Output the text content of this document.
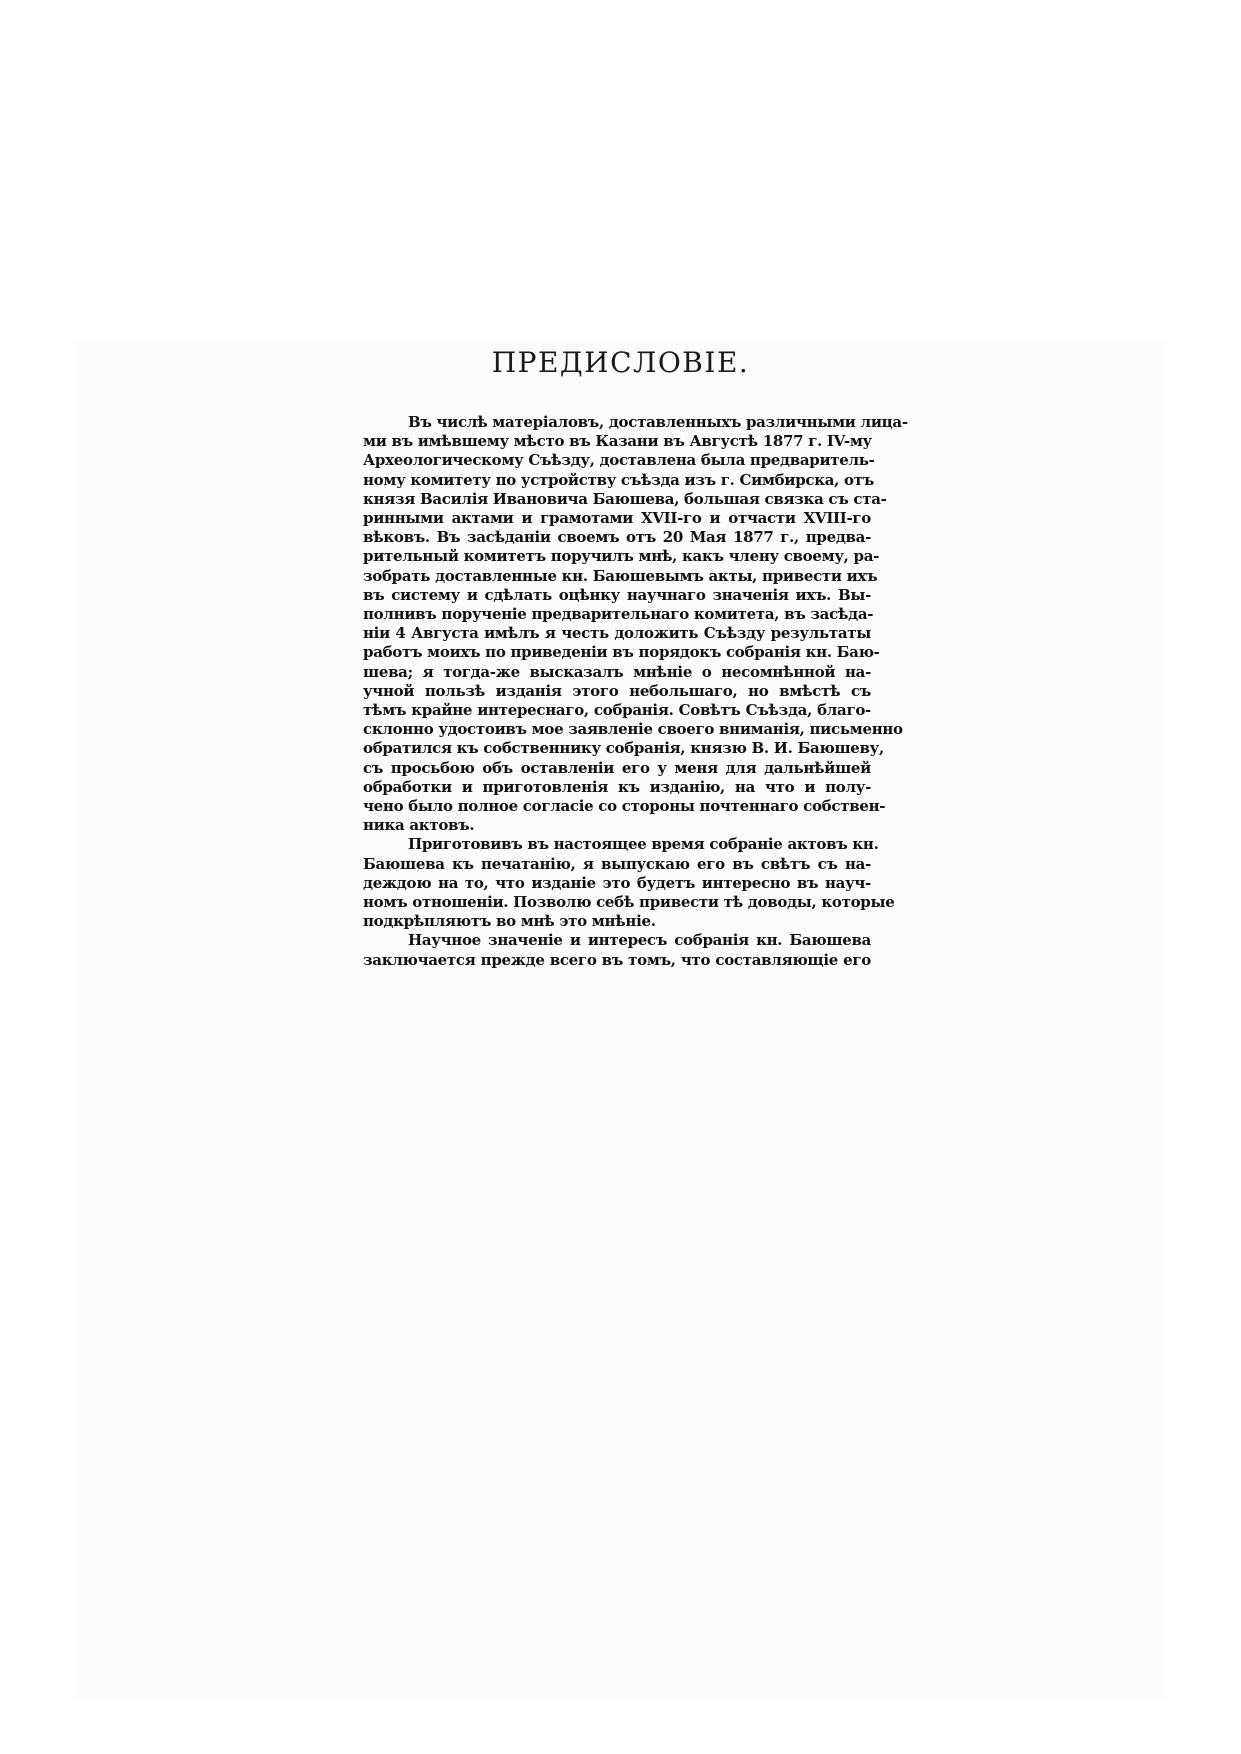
ПРЕДИСЛОВІЕ.
Въ числѣ матеріаловъ, доставленныхъ различными лица-
ми въ имѣвшему мѣсто въ Казани въ Августѣ 1877 г. IV-му
Археологическому Съѣзду, доставлена была предваритель-
ному комитету по устройству съѣзда изъ г. Симбирска, отъ
князя Василія Ивановича Баюшева, большая связка съ ста-
ринными актами и грамотами XVII-го и отчасти XVIII-го
вѣковъ. Въ засѣданіи своемъ отъ 20 Мая 1877 г., предва-
рительный комитетъ поручилъ мнѣ, какъ члену своему, ра-
зобрать доставленные кн. Баюшевымъ акты, привести ихъ
въ систему и сдѣлать оцѣнку научнаго значенія ихъ. Вы-
полнивъ порученіе предварительнаго комитета, въ засѣда-
ніи 4 Августа имѣлъ я честь доложить Съѣзду результаты
работъ моихъ по приведеніи въ порядокъ собранія кн. Баю-
шева; я тогда-же высказалъ мнѣніе о несомнѣнной на-
учной пользѣ изданія этого небольшаго, но вмѣстѣ съ
тѣмъ крайне интереснаго, собранія. Совѣтъ Съѣзда, благо-
склонно удостоивъ мое заявленіе своего вниманія, письменно
обратился къ собственнику собранія, князю В. И. Баюшеву,
съ просьбою объ оставленіи его у меня для дальнѣйшей
обработки и приготовленія къ изданію, на что и полу-
чено было полное согласіе со стороны почтеннаго собствен-
ника актовъ.
Приготовивъ въ настоящее время собраніе актовъ кн.
Баюшева къ печатанію, я выпускаю его въ свѣтъ съ на-
деждою на то, что изданіе это будетъ интересно въ науч-
номъ отношеніи. Позволю себѣ привести тѣ доводы, которые
подкрѣпляютъ во мнѣ это мнѣніе.
Научное значеніе и интересъ собранія кн. Баюшева
заключается прежде всего въ томъ, что составляющіе его
